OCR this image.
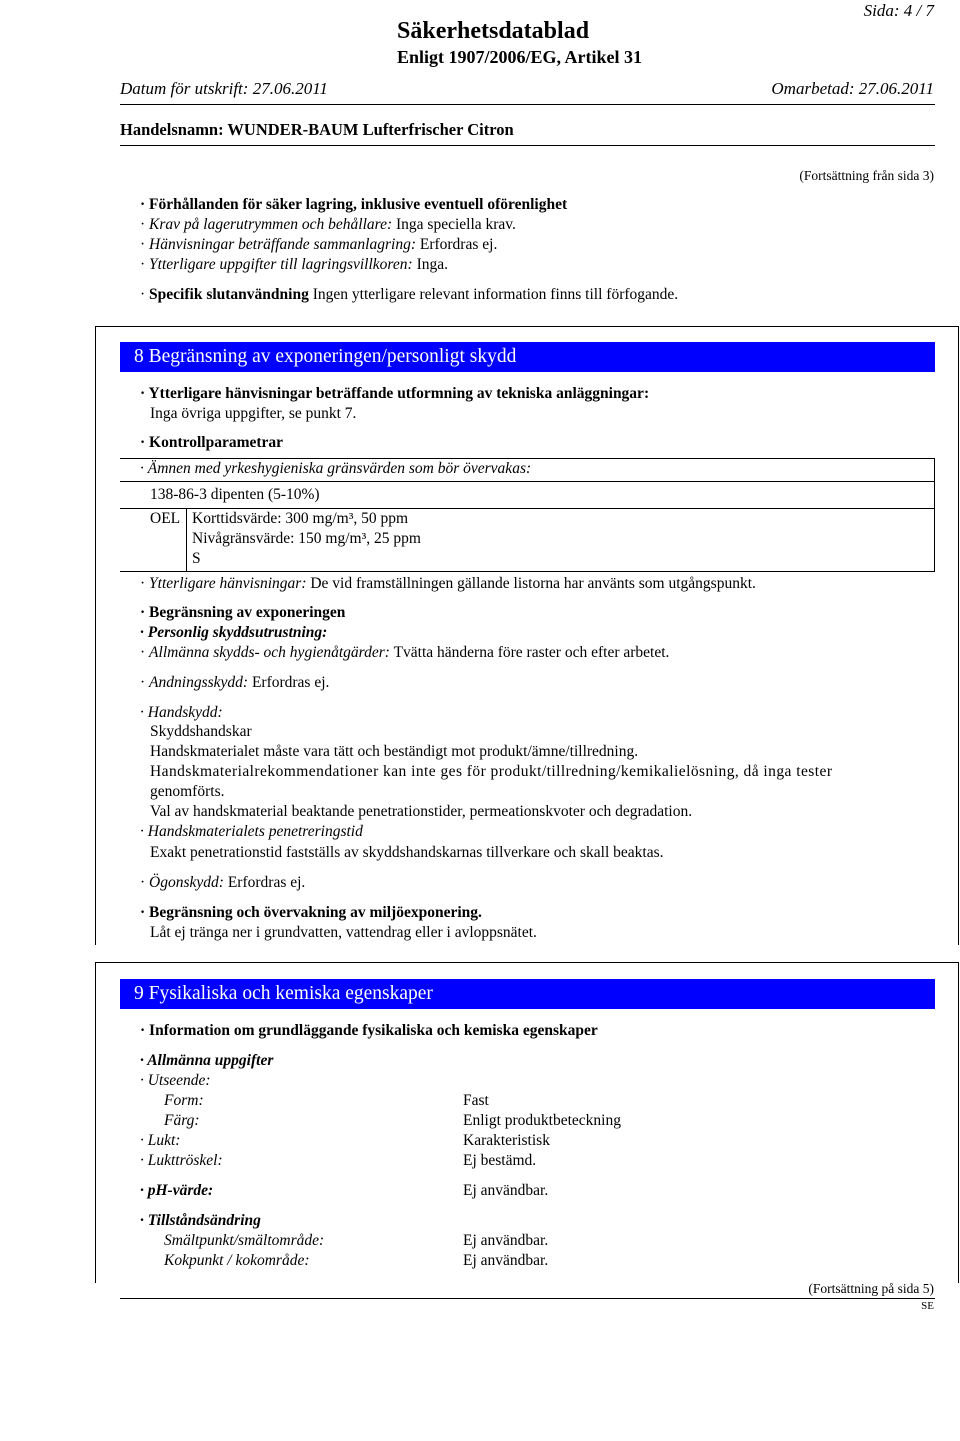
Säkerhetsdatablad
Enligt 1907/2006/EG, Artikel 31
Sida: 4 / 7
Datum för utskrift: 27.06.2011	Omarbetad: 27.06.2011
Handelsnamn: WUNDER-BAUM Lufterfrischer Citron
(Fortsättning från sida 3)
· Förhållanden för säker lagring, inklusive eventuell oförenlighet
· Krav på lagerutrymmen och behållare: Inga speciella krav.
· Hänvisningar beträffande sammanlagring: Erfordras ej.
· Ytterligare uppgifter till lagringsvillkoren: Inga.
· Specifik slutanvändning Ingen ytterligare relevant information finns till förfogande.
8 Begränsning av exponeringen/personligt skydd
· Ytterligare hänvisningar beträffande utformning av tekniska anläggningar:
Inga övriga uppgifter, se punkt 7.
· Kontrollparametrar
· Ämnen med yrkeshygieniska gränsvärden som bör övervakas:
138-86-3 dipenten (5-10%)
OEL Korttidsvärde: 300 mg/m³, 50 ppm
Nivågränsvärde: 150 mg/m³, 25 ppm
S
· Ytterligare hänvisningar: De vid framställningen gällande listorna har använts som utgångspunkt.
· Begränsning av exponeringen
· Personlig skyddsutrustning:
· Allmänna skydds- och hygienåtgärder: Tvätta händerna före raster och efter arbetet.
· Andningsskydd: Erfordras ej.
· Handskydd:
Skyddshandskar
Handskmaterialet måste vara tätt och beständigt mot produkt/ämne/tillredning.
Handskmaterialrekommendationer kan inte ges för produkt/tillredning/kemikalielösning, då inga tester
genomförts.
Val av handskmaterial beaktande penetrationstider, permeationskvoter och degradation.
· Handskmaterialets penetreringstid
Exakt penetrationstid fastställs av skyddshandskarnas tillverkare och skall beaktas.
· Ögonskydd: Erfordras ej.
· Begränsning och övervakning av miljöexponering.
Låt ej tränga ner i grundvatten, vattendrag eller i avloppsnätet.
9 Fysikaliska och kemiska egenskaper
· Information om grundläggande fysikaliska och kemiska egenskaper
· Allmänna uppgifter
· Utseende:
Form:	Fast
Färg:	Enligt produktbeteckning
· Lukt:	Karakteristisk
· Lukttröskel:	Ej bestämd.
· pH-värde:	Ej användbar.
· Tillståndsändring
Smältpunkt/smältområde:	Ej användbar.
Kokpunkt / kokområde:	Ej användbar.
(Fortsättning på sida 5)
SE
